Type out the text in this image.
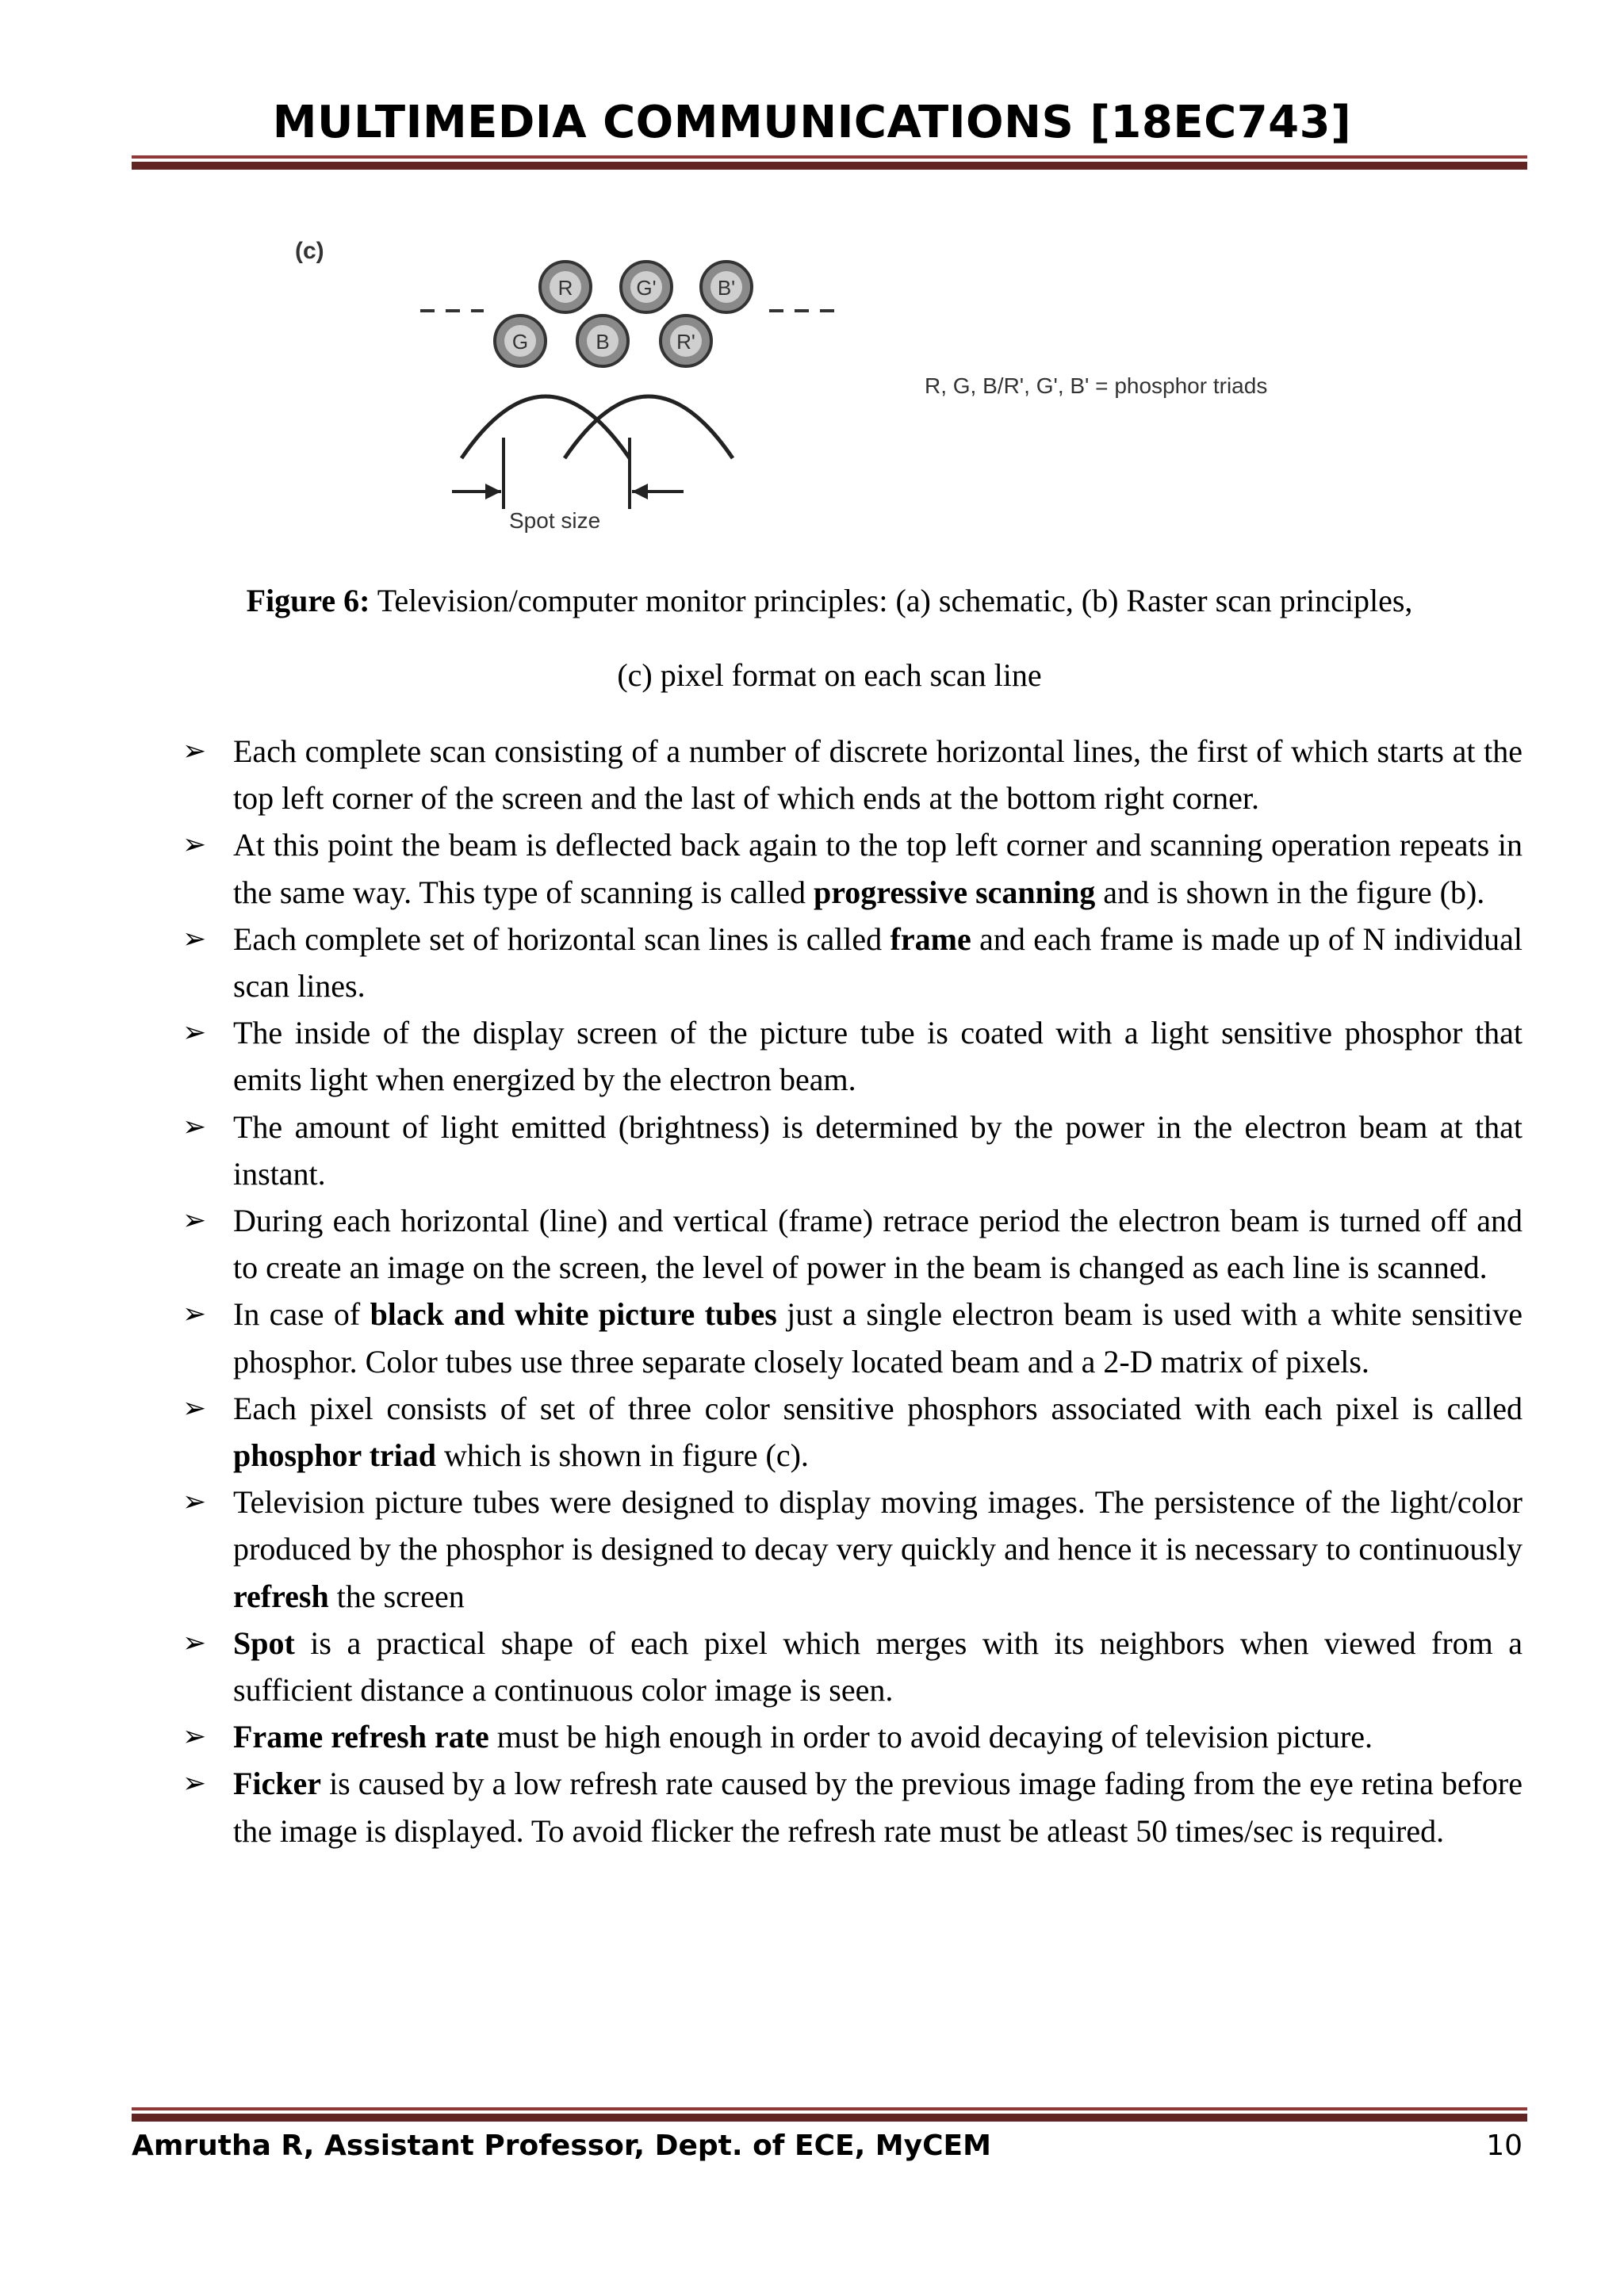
MULTIMEDIA COMMUNICATIONS [18EC743]
(c)
R	G'	B'
G	B	R'
Spot size
R, G, B/R', G', B' = phosphor triads
Figure 6: Television/computer monitor principles: (a) schematic, (b) Raster scan principles,
(c) pixel format on each scan line
➢ Each complete scan consisting of a number of discrete horizontal lines, the first of which starts at the top left corner of the screen and the last of which ends at the bottom right corner.
➢ At this point the beam is deflected back again to the top left corner and scanning operation repeats in the same way. This type of scanning is called progressive scanning and is shown in the figure (b).
➢ Each complete set of horizontal scan lines is called frame and each frame is made up of N individual scan lines.
➢ The inside of the display screen of the picture tube is coated with a light sensitive phosphor that emits light when energized by the electron beam.
➢ The amount of light emitted (brightness) is determined by the power in the electron beam at that instant.
➢ During each horizontal (line) and vertical (frame) retrace period the electron beam is turned off and to create an image on the screen, the level of power in the beam is changed as each line is scanned.
➢ In case of black and white picture tubes just a single electron beam is used with a white sensitive phosphor. Color tubes use three separate closely located beam and a 2-D matrix of pixels.
➢ Each pixel consists of set of three color sensitive phosphors associated with each pixel is called phosphor triad which is shown in figure (c).
➢ Television picture tubes were designed to display moving images. The persistence of the light/color produced by the phosphor is designed to decay very quickly and hence it is necessary to continuously refresh the screen
➢ Spot is a practical shape of each pixel which merges with its neighbors when viewed from a sufficient distance a continuous color image is seen.
➢ Frame refresh rate must be high enough in order to avoid decaying of television picture.
➢ Ficker is caused by a low refresh rate caused by the previous image fading from the eye retina before the image is displayed. To avoid flicker the refresh rate must be atleast 50 times/sec is required.
Amrutha R, Assistant Professor, Dept. of ECE, MyCEM	10
